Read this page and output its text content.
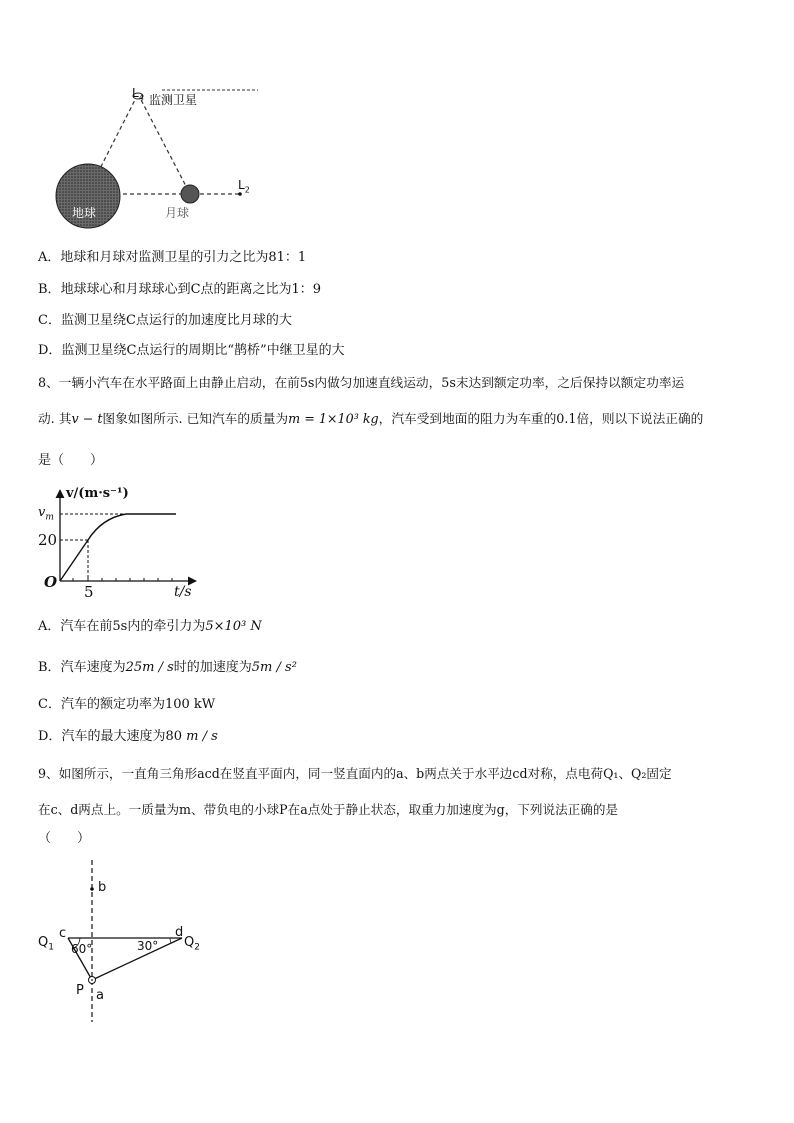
$L_4$ 监测卫星
$L_2$
地球	月球
A．地球和月球对监测卫星的引力之比为81：1
B．地球球心和月球球心到C点的距离之比为1：9
C．监测卫星绕C点运行的加速度比月球的大
D．监测卫星绕C点运行的周期比“鹊桥”中继卫星的大
8、一辆小汽车在水平路面上由静止启动，在前5s内做匀加速直线运动，5s末达到额定功率，之后保持以额定功率运
动. 其v − t图象如图所示. 已知汽车的质量为m = 1×10³ kg，汽车受到地面的阻力为车重的0.1倍，则以下说法正确的
是（　　）
v/(m·s⁻¹)
$v_m$
20
O
5	t/s
A．汽车在前5s内的牵引力为5×10³ N
B．汽车速度为25m / s时的加速度为5m / s²
C．汽车的额定功率为100 kW
D．汽车的最大速度为80 m / s
9、如图所示，一直角三角形acd在竖直平面内，同一竖直面内的a、b两点关于水平边cd对称，点电荷Q₁、Q₂固定
在c、d两点上。一质量为m、带负电的小球P在a点处于静止状态，取重力加速度为g，下列说法正确的是
（　　）
b
c	d
$Q_1$	$Q_2$
60°	30°
P a
